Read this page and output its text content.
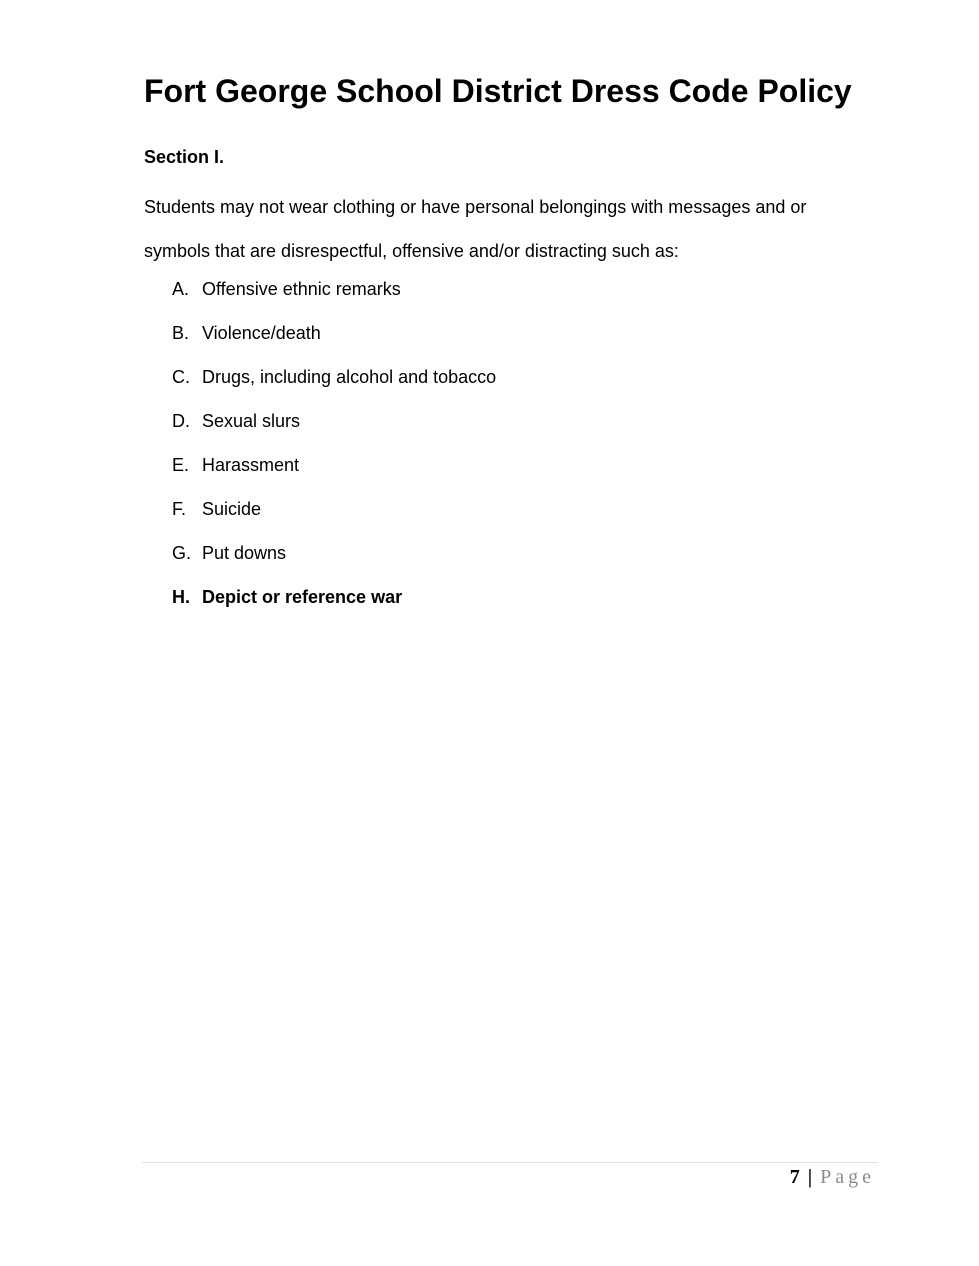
Fort George School District Dress Code Policy
Section I.

Students may not wear clothing or have personal belongings with messages and or symbols that are disrespectful, offensive and/or distracting such as:

A. Offensive ethnic remarks
B. Violence/death
C. Drugs, including alcohol and tobacco
D. Sexual slurs
E. Harassment
F. Suicide
G. Put downs
H. Depict or reference war
7 | Page
